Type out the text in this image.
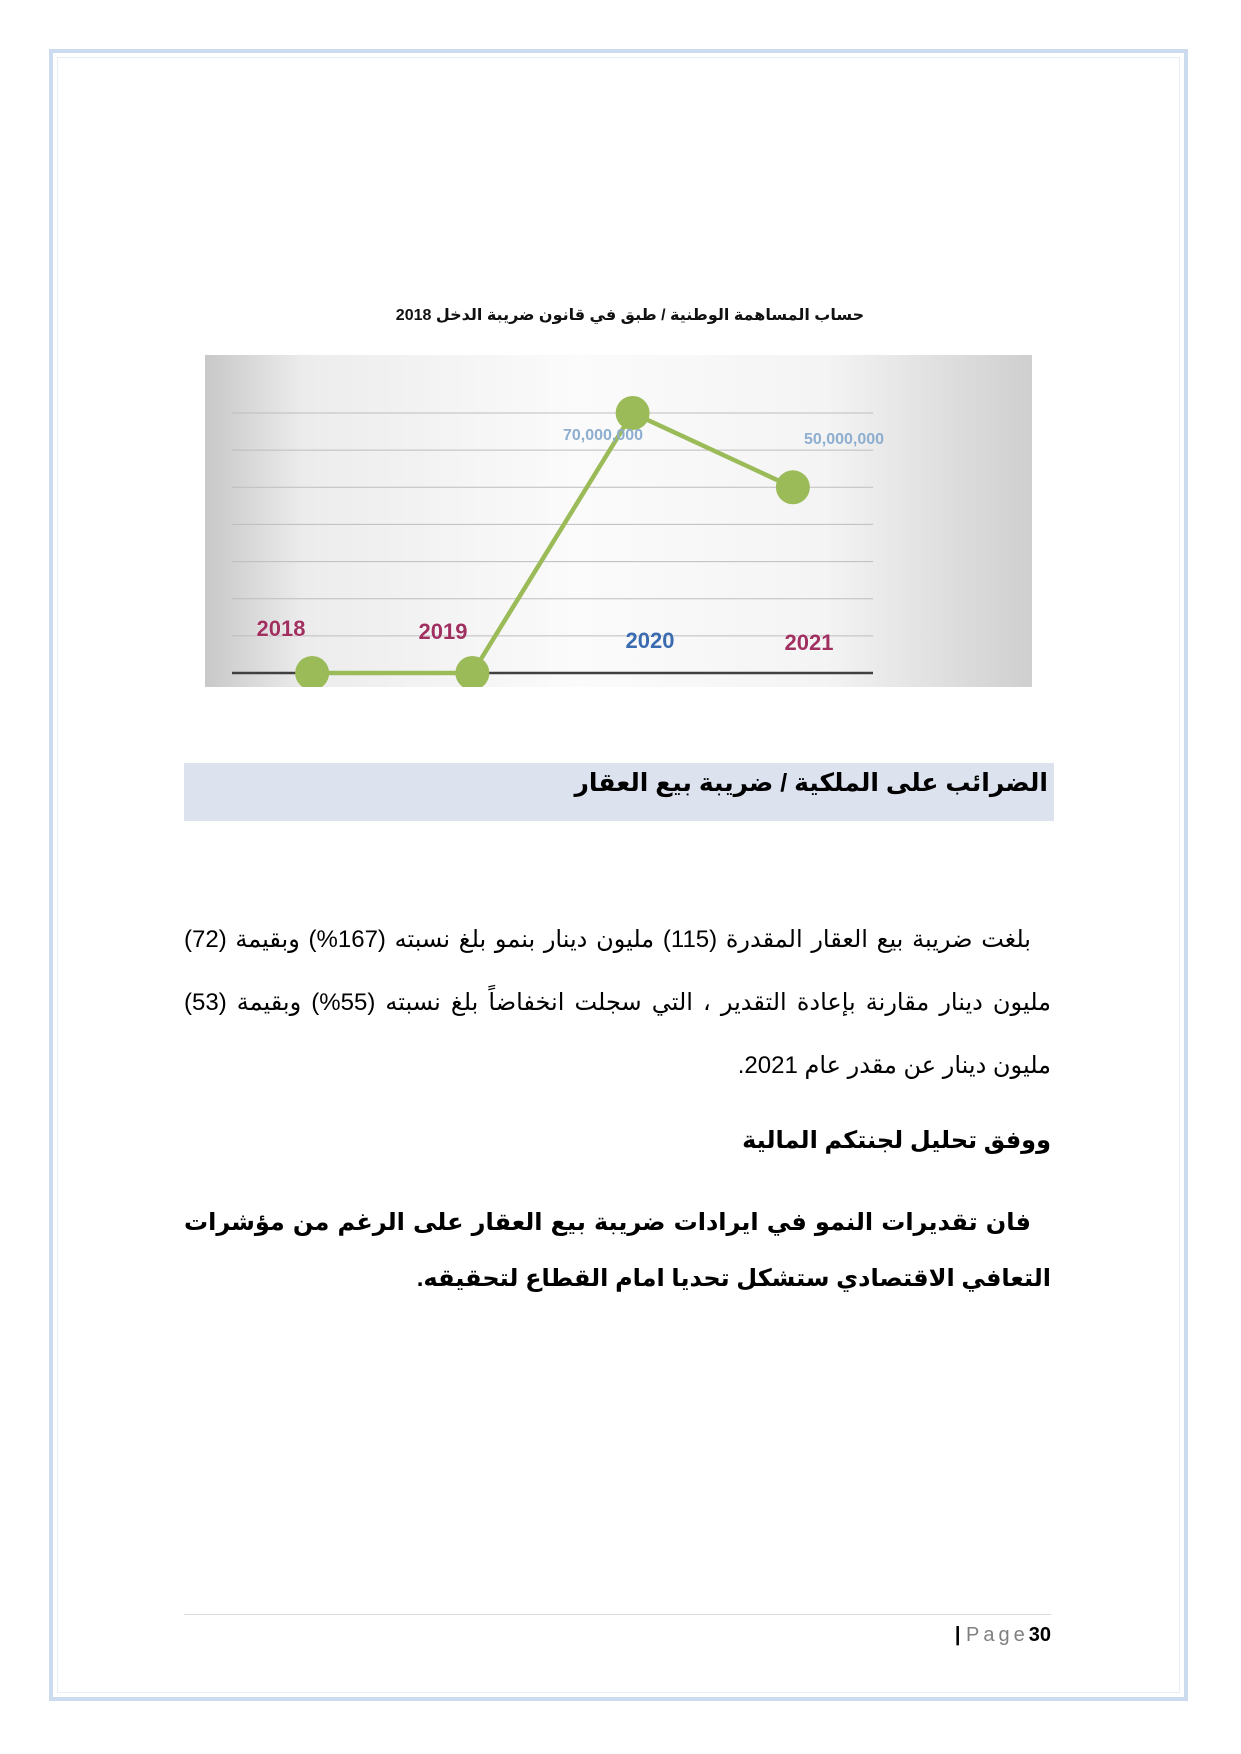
حساب المساهمة الوطنية / طبق في قانون ضريبة الدخل 2018
2018	2019	2020	2021
70,000,000	50,000,000
الضرائب على الملكية / ضريبة بيع العقار

بلغت ضريبة بيع العقار المقدرة (115) مليون دينار بنمو بلغ نسبته (167%) وبقيمة (72) مليون دينار مقارنة بإعادة التقدير ، التي سجلت انخفاضاً بلغ نسبته (55%) وبقيمة (53) مليون دينار عن مقدر عام 2021.

ووفق تحليل لجنتكم المالية

فان تقديرات النمو في ايرادات ضريبة بيع العقار على الرغم من مؤشرات التعافي الاقتصادي ستشكل تحديا امام القطاع لتحقيقه.

| Page30
